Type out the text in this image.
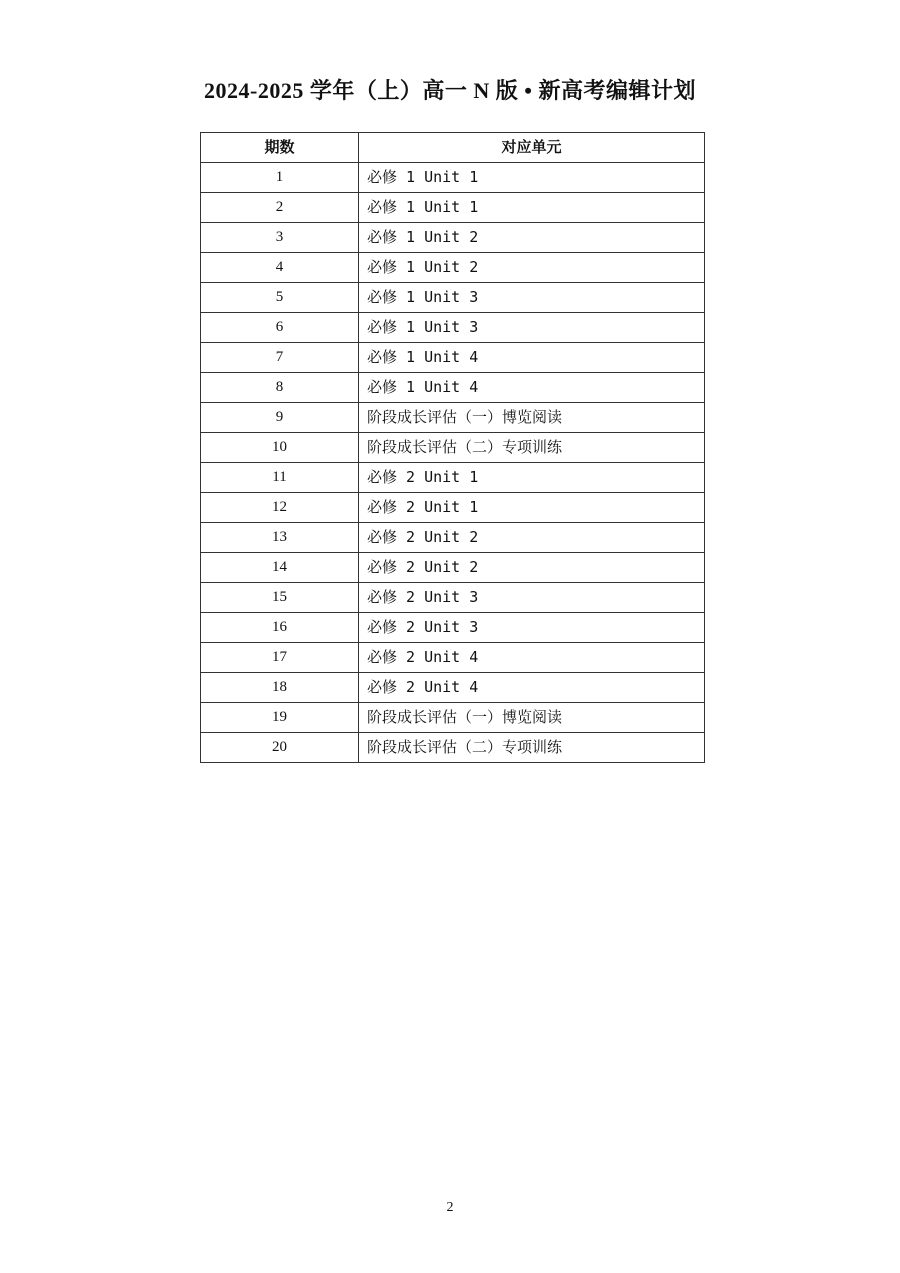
2024-2025 学年（上）高一 N 版 • 新高考编辑计划
期数	对应单元
1	必修 1 Unit 1
2	必修 1 Unit 1
3	必修 1 Unit 2
4	必修 1 Unit 2
5	必修 1 Unit 3
6	必修 1 Unit 3
7	必修 1 Unit 4
8	必修 1 Unit 4
9	阶段成长评估（一）博览阅读
10	阶段成长评估（二）专项训练
11	必修 2 Unit 1
12	必修 2 Unit 1
13	必修 2 Unit 2
14	必修 2 Unit 2
15	必修 2 Unit 3
16	必修 2 Unit 3
17	必修 2 Unit 4
18	必修 2 Unit 4
19	阶段成长评估（一）博览阅读
20	阶段成长评估（二）专项训练
2
